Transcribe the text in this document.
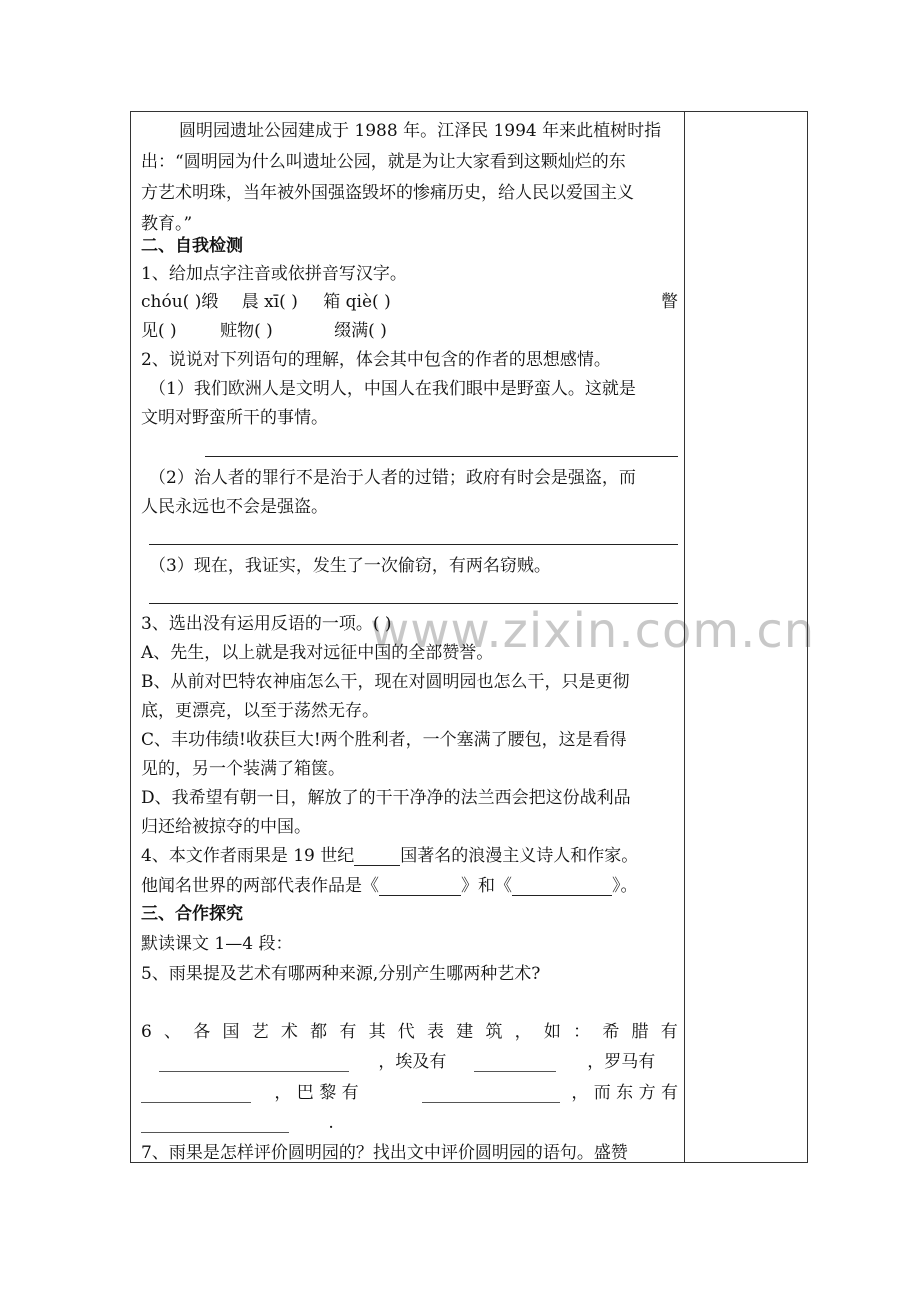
www.zixin.com.cn
圆明园遗址公园建成于 1988 年。江泽民 1994 年来此植树时指
出：“圆明园为什么叫遗址公园，就是为让大家看到这颗灿烂的东
方艺术明珠，当年被外国强盗毁坏的惨痛历史，给人民以爱国主义
教育。”
二、自我检测
1、给加点字注音或依拼音写汉字。
chóu( )缎 晨 xī( ) 箱 qiè( )	瞥
见( )	赃物( )	缀满( )
2、说说对下列语句的理解，体会其中包含的作者的思想感情。
（1）我们欧洲人是文明人，中国人在我们眼中是野蛮人。这就是
文明对野蛮所干的事情。
（2）治人者的罪行不是治于人者的过错；政府有时会是强盗，而
人民永远也不会是强盗。
（3）现在，我证实，发生了一次偷窃，有两名窃贼。
3、选出没有运用反语的一项。( )
A、先生，以上就是我对远征中国的全部赞誉。
B、从前对巴特农神庙怎么干，现在对圆明园也怎么干，只是更彻
底，更漂亮，以至于荡然无存。
C、丰功伟绩!收获巨大!两个胜利者，一个塞满了腰包，这是看得
见的，另一个装满了箱箧。
D、我希望有朝一日，解放了的干干净净的法兰西会把这份战利品
归还给被掠夺的中国。
4、本文作者雨果是 19 世纪	国著名的浪漫主义诗人和作家。
他闻名世界的两部代表作品是《	》和《	》。
三、合作探究
默读课文 1—4 段：
5、雨果提及艺术有哪两种来源,分别产生哪两种艺术?
6 、 各 国 艺 术 都 有 其 代 表 建 筑 ， 如 ： 希 腊 有
，埃及有	，罗马有
， 巴 黎 有	， 而 东 方 有
.
7、雨果是怎样评价圆明园的？找出文中评价圆明园的语句。盛赞
